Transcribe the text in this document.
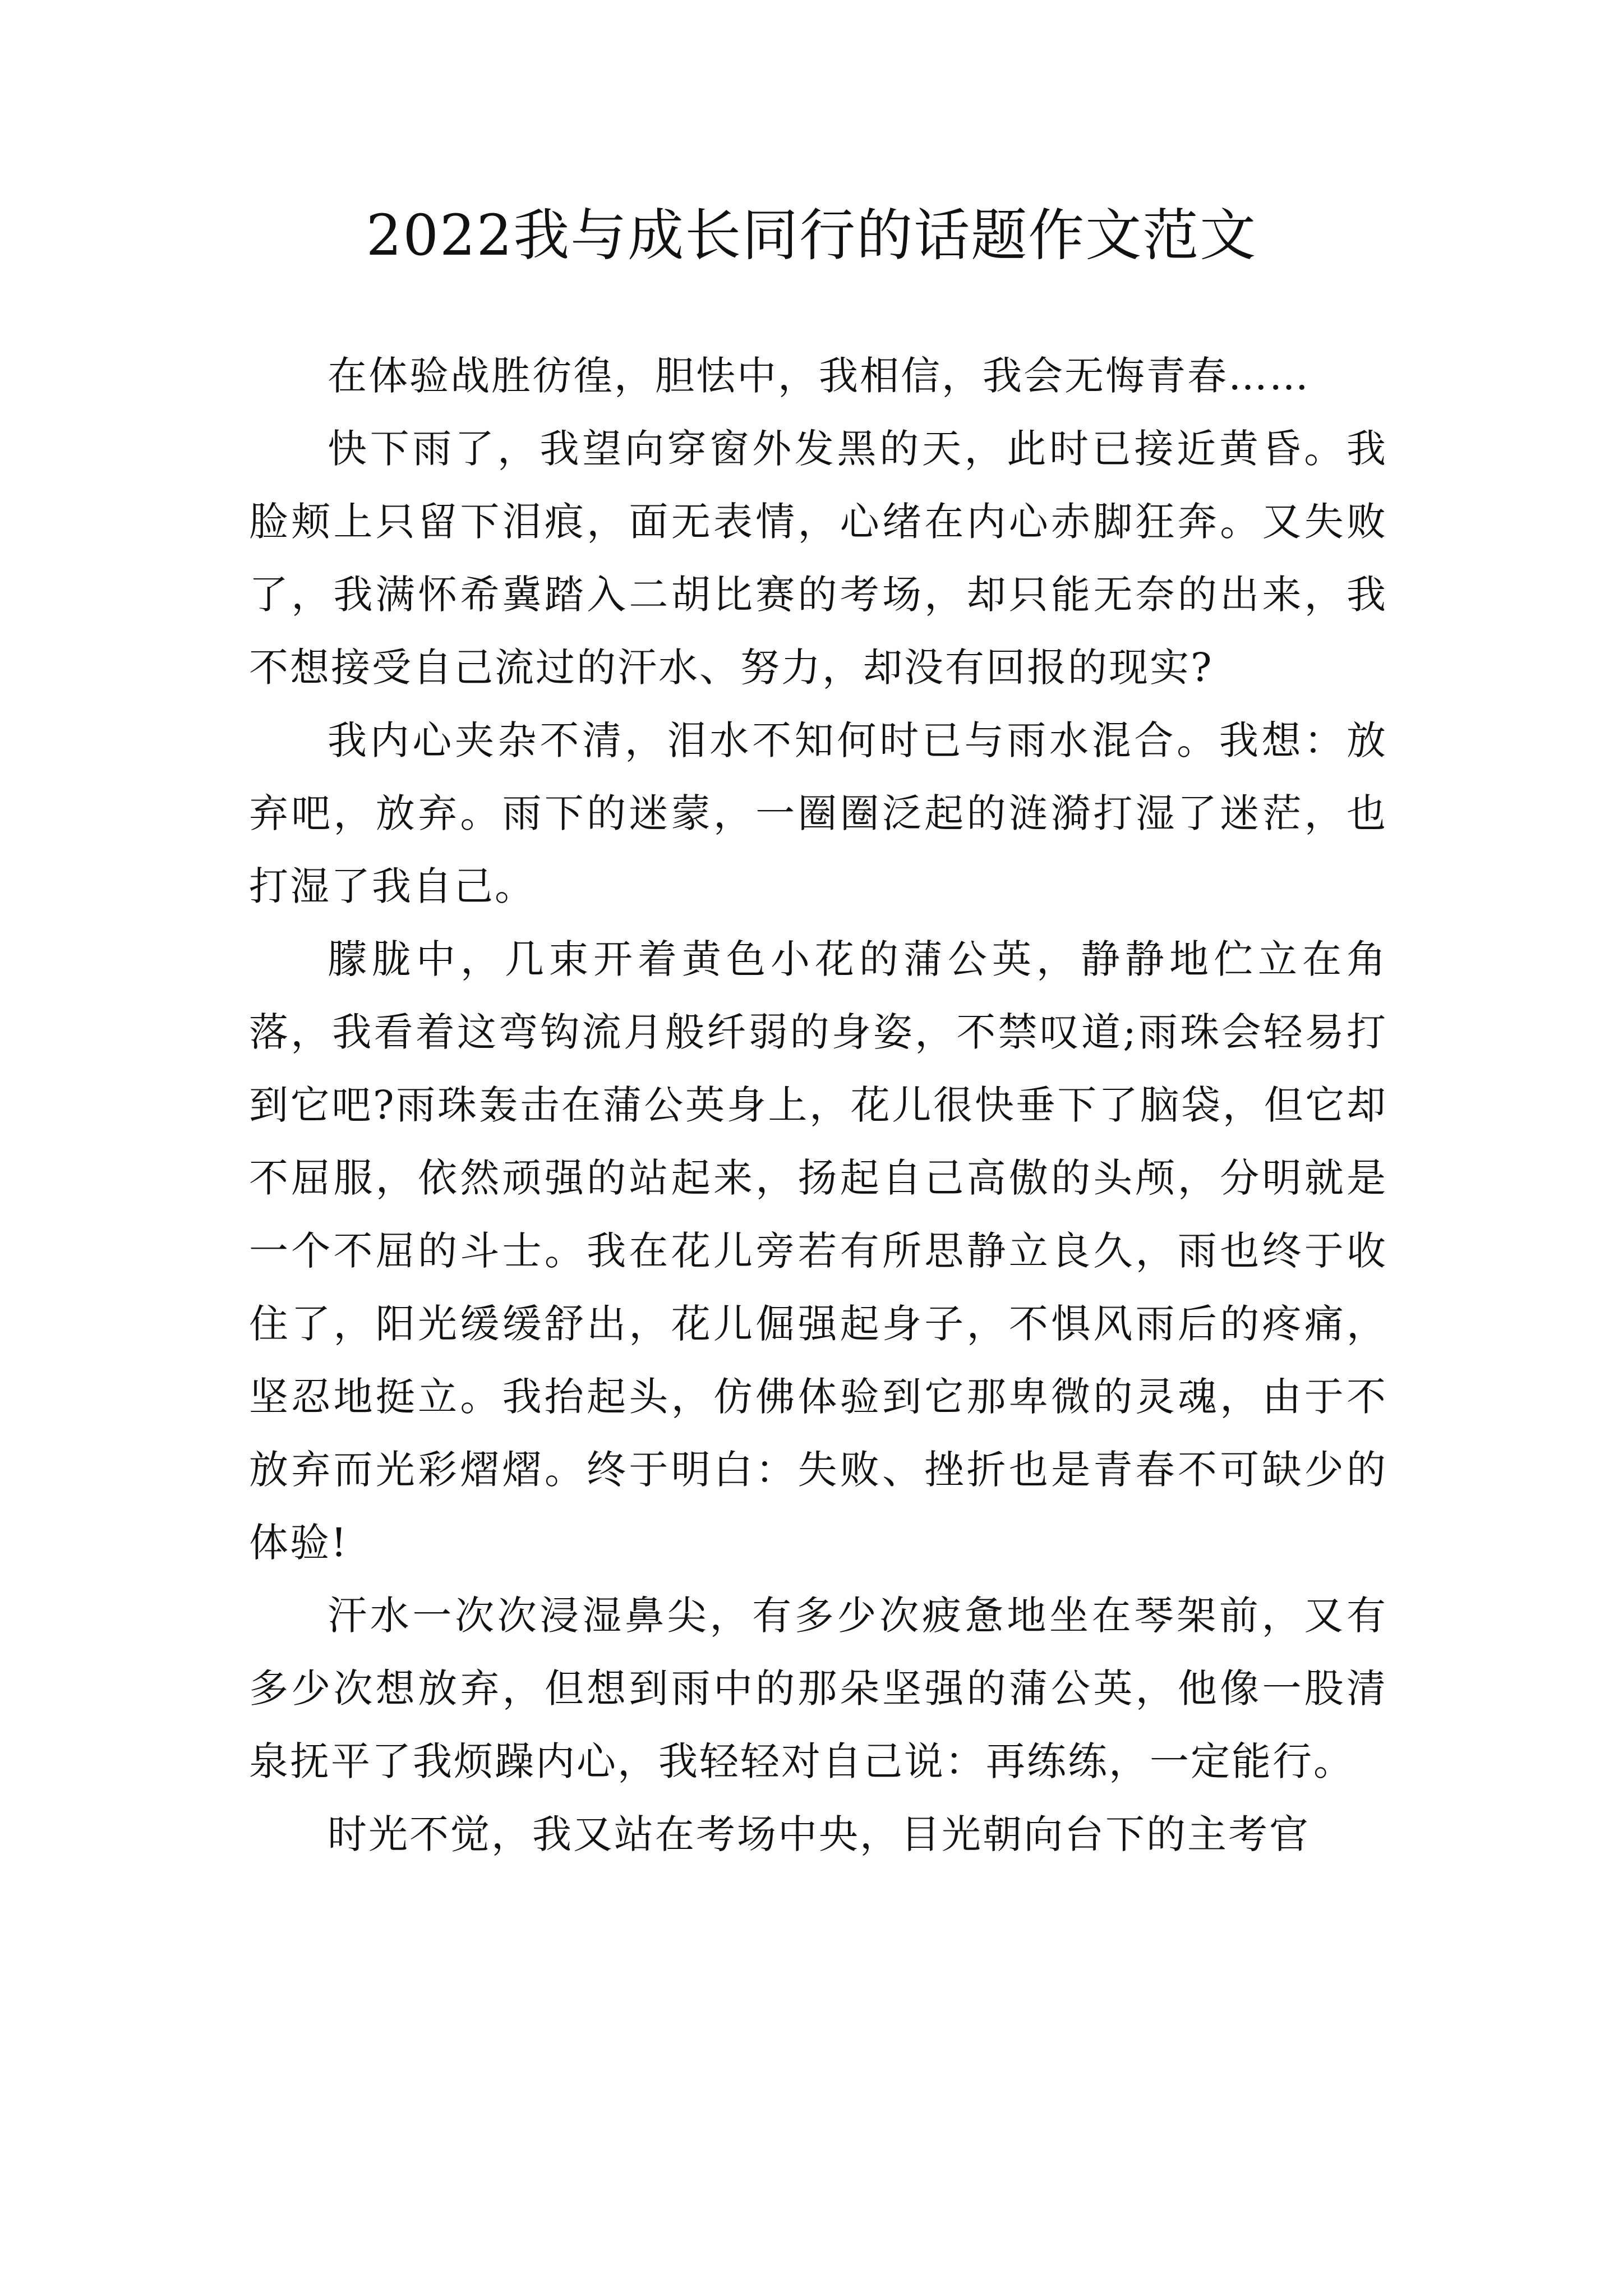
2022我与成长同行的话题作文范文

在体验战胜彷徨，胆怯中，我相信，我会无悔青春……

快下雨了，我望向穿窗外发黑的天，此时已接近黄昏。我脸颊上只留下泪痕，面无表情，心绪在内心赤脚狂奔。又失败了，我满怀希冀踏入二胡比赛的考场，却只能无奈的出来，我不想接受自己流过的汗水、努力，却没有回报的现实?

我内心夹杂不清，泪水不知何时已与雨水混合。我想：放弃吧，放弃。雨下的迷蒙，一圈圈泛起的涟漪打湿了迷茫，也打湿了我自己。

朦胧中，几束开着黄色小花的蒲公英，静静地伫立在角落，我看着这弯钩流月般纤弱的身姿，不禁叹道;雨珠会轻易打到它吧?雨珠轰击在蒲公英身上，花儿很快垂下了脑袋，但它却不屈服，依然顽强的站起来，扬起自己高傲的头颅，分明就是一个不屈的斗士。我在花儿旁若有所思静立良久，雨也终于收住了，阳光缓缓舒出，花儿倔强起身子，不惧风雨后的疼痛，坚忍地挺立。我抬起头，仿佛体验到它那卑微的灵魂，由于不放弃而光彩熠熠。终于明白：失败、挫折也是青春不可缺少的体验!

汗水一次次浸湿鼻尖，有多少次疲惫地坐在琴架前，又有多少次想放弃，但想到雨中的那朵坚强的蒲公英，他像一股清泉抚平了我烦躁内心，我轻轻对自己说：再练练，一定能行。

时光不觉，我又站在考场中央，目光朝向台下的主考官
